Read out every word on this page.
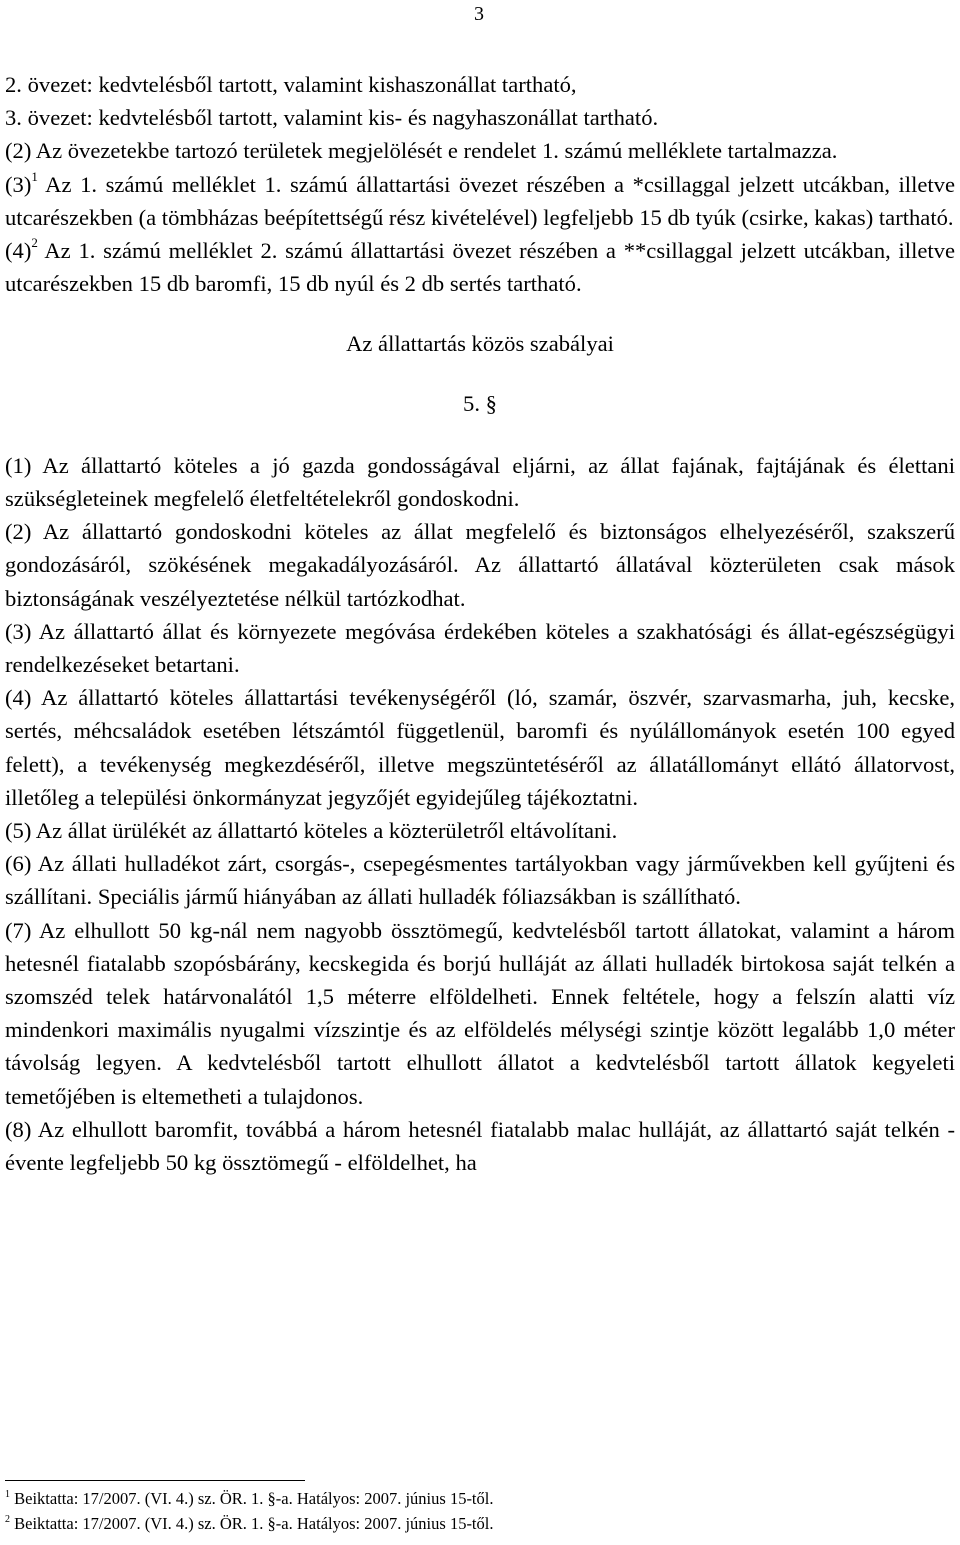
3

2. övezet: kedvtelésből tartott, valamint kishaszonállat tartható,

3. övezet: kedvtelésből tartott, valamint kis- és nagyhaszonállat tartható.

(2) Az övezetekbe tartozó területek megjelölését e rendelet 1. számú melléklete tartalmazza.

$(3)^1$ Az 1. számú melléklet 1. számú állattartási övezet részében a *csillaggal jelzett utcákban, illetve utcarészekben (a tömbházas beépítettségű rész kivételével) legfeljebb 15 db tyúk (csirke, kakas) tartható.

$(4)^2$ Az 1. számú melléklet 2. számú állattartási övezet részében a **csillaggal jelzett utcákban, illetve utcarészekben 15 db baromfi, 15 db nyúl és 2 db sertés tartható.

Az állattartás közös szabályai

5. §

(1) Az állattartó köteles a jó gazda gondosságával eljárni, az állat fajának, fajtájának és élettani szükségleteinek megfelelő életfeltételekről gondoskodni.

(2) Az állattartó gondoskodni köteles az állat megfelelő és biztonságos elhelyezéséről, szakszerű gondozásáról, szökésének megakadályozásáról. Az állattartó állatával közterületen csak mások biztonságának veszélyeztetése nélkül tartózkodhat.

(3) Az állattartó állat és környezete megóvása érdekében köteles a szakhatósági és állat-egészségügyi rendelkezéseket betartani.

(4) Az állattartó köteles állattartási tevékenységéről (ló, szamár, öszvér, szarvasmarha, juh, kecske, sertés, méhcsaládok esetében létszámtól függetlenül, baromfi és nyúlállományok esetén 100 egyed felett), a tevékenység megkezdéséről, illetve megszüntetéséről az állatállományt ellátó állatorvost, illetőleg a települési önkormányzat jegyzőjét egyidejűleg tájékoztatni.

(5) Az állat ürülékét az állattartó köteles a közterületről eltávolítani.

(6) Az állati hulladékot zárt, csorgás-, csepegésmentes tartályokban vagy járművekben kell gyűjteni és szállítani. Speciális jármű hiányában az állati hulladék fóliazsákban is szállítható.

(7) Az elhullott 50 kg-nál nem nagyobb össztömegű, kedvtelésből tartott állatokat, valamint a három hetesnél fiatalabb szopósbárány, kecskegida és borjú hulláját az állati hulladék birtokosa saját telkén a szomszéd telek határvonalától 1,5 méterre elföldelheti. Ennek feltétele, hogy a felszín alatti víz mindenkori maximális nyugalmi vízszintje és az elföldelés mélységi szintje között legalább 1,0 méter távolság legyen. A kedvtelésből tartott elhullott állatot a kedvtelésből tartott állatok kegyeleti temetőjében is eltemetheti a tulajdonos.

(8) Az elhullott baromfit, továbbá a három hetesnél fiatalabb malac hulláját, az állattartó saját telkén - évente legfeljebb 50 kg össztömegű - elföldelhet, ha

$^1$ Beiktatta: 17/2007. (VI. 4.) sz. ÖR. 1. §-a. Hatályos: 2007. június 15-től.

$^2$ Beiktatta: 17/2007. (VI. 4.) sz. ÖR. 1. §-a. Hatályos: 2007. június 15-től.
